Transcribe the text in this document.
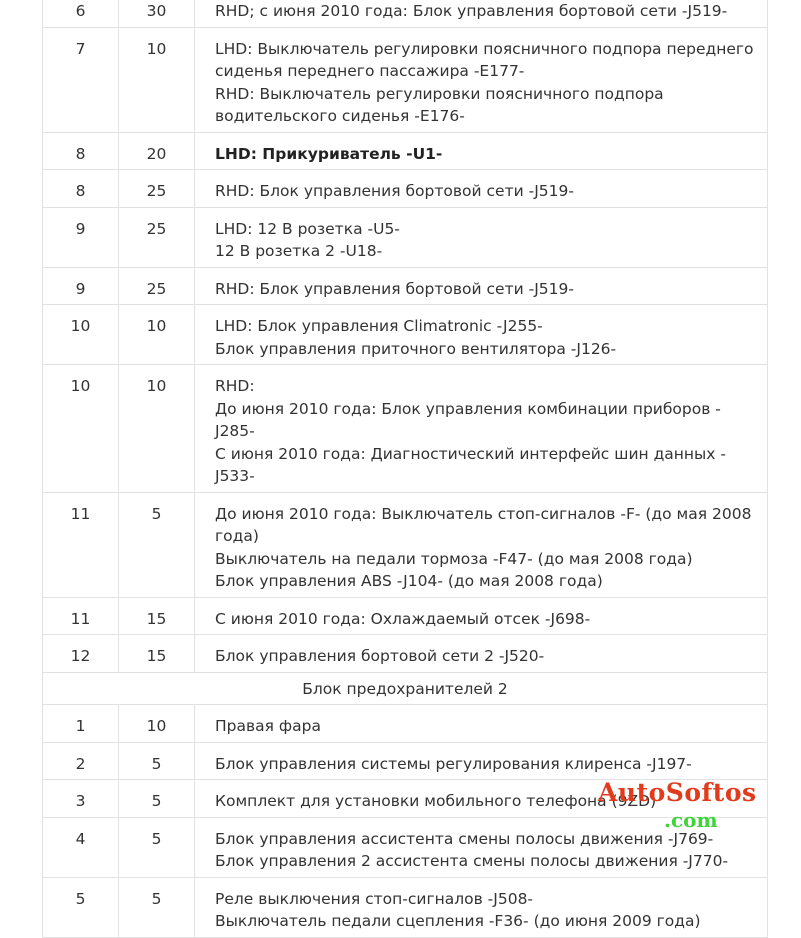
6	30	RHD; с июня 2010 года: Блок управления бортовой сети -J519-

7	10	LHD: Выключатель регулировки поясничного подпора переднего
сиденья переднего пассажира -E177-
RHD: Выключатель регулировки поясничного подпора
водительского сиденья -E176-

8	20	LHD: Прикуриватель -U1-

8	25	RHD: Блок управления бортовой сети -J519-

9	25	LHD: 12 В розетка -U5-
12 В розетка 2 -U18-

9	25	RHD: Блок управления бортовой сети -J519-

10	10	LHD: Блок управления Climatronic -J255-
Блок управления приточного вентилятора -J126-

10	10	RHD:
До июня 2010 года: Блок управления комбинации приборов -J285-
С июня 2010 года: Диагностический интерфейс шин данных -J533-

11	5	До июня 2010 года: Выключатель стоп-сигналов -F- (до мая 2008
года)
Выключатель на педали тормоза -F47- (до мая 2008 года)
Блок управления ABS -J104- (до мая 2008 года)

11	15	С июня 2010 года: Охлаждаемый отсек -J698-

12	15	Блок управления бортовой сети 2 -J520-

Блок предохранителей 2		
1	10	Правая фара

2	5	Блок управления системы регулирования клиренса -J197-

3	5	Комплект для установки мобильного телефона (9ZD)

4	5	Блок управления ассистента смены полосы движения -J769-
Блок управления 2 ассистента смены полосы движения -J770-

5	5	Реле выключения стоп-сигналов -J508-
Выключатель педали сцепления -F36- (до июня 2009 года)
AutoSoftos
.com
